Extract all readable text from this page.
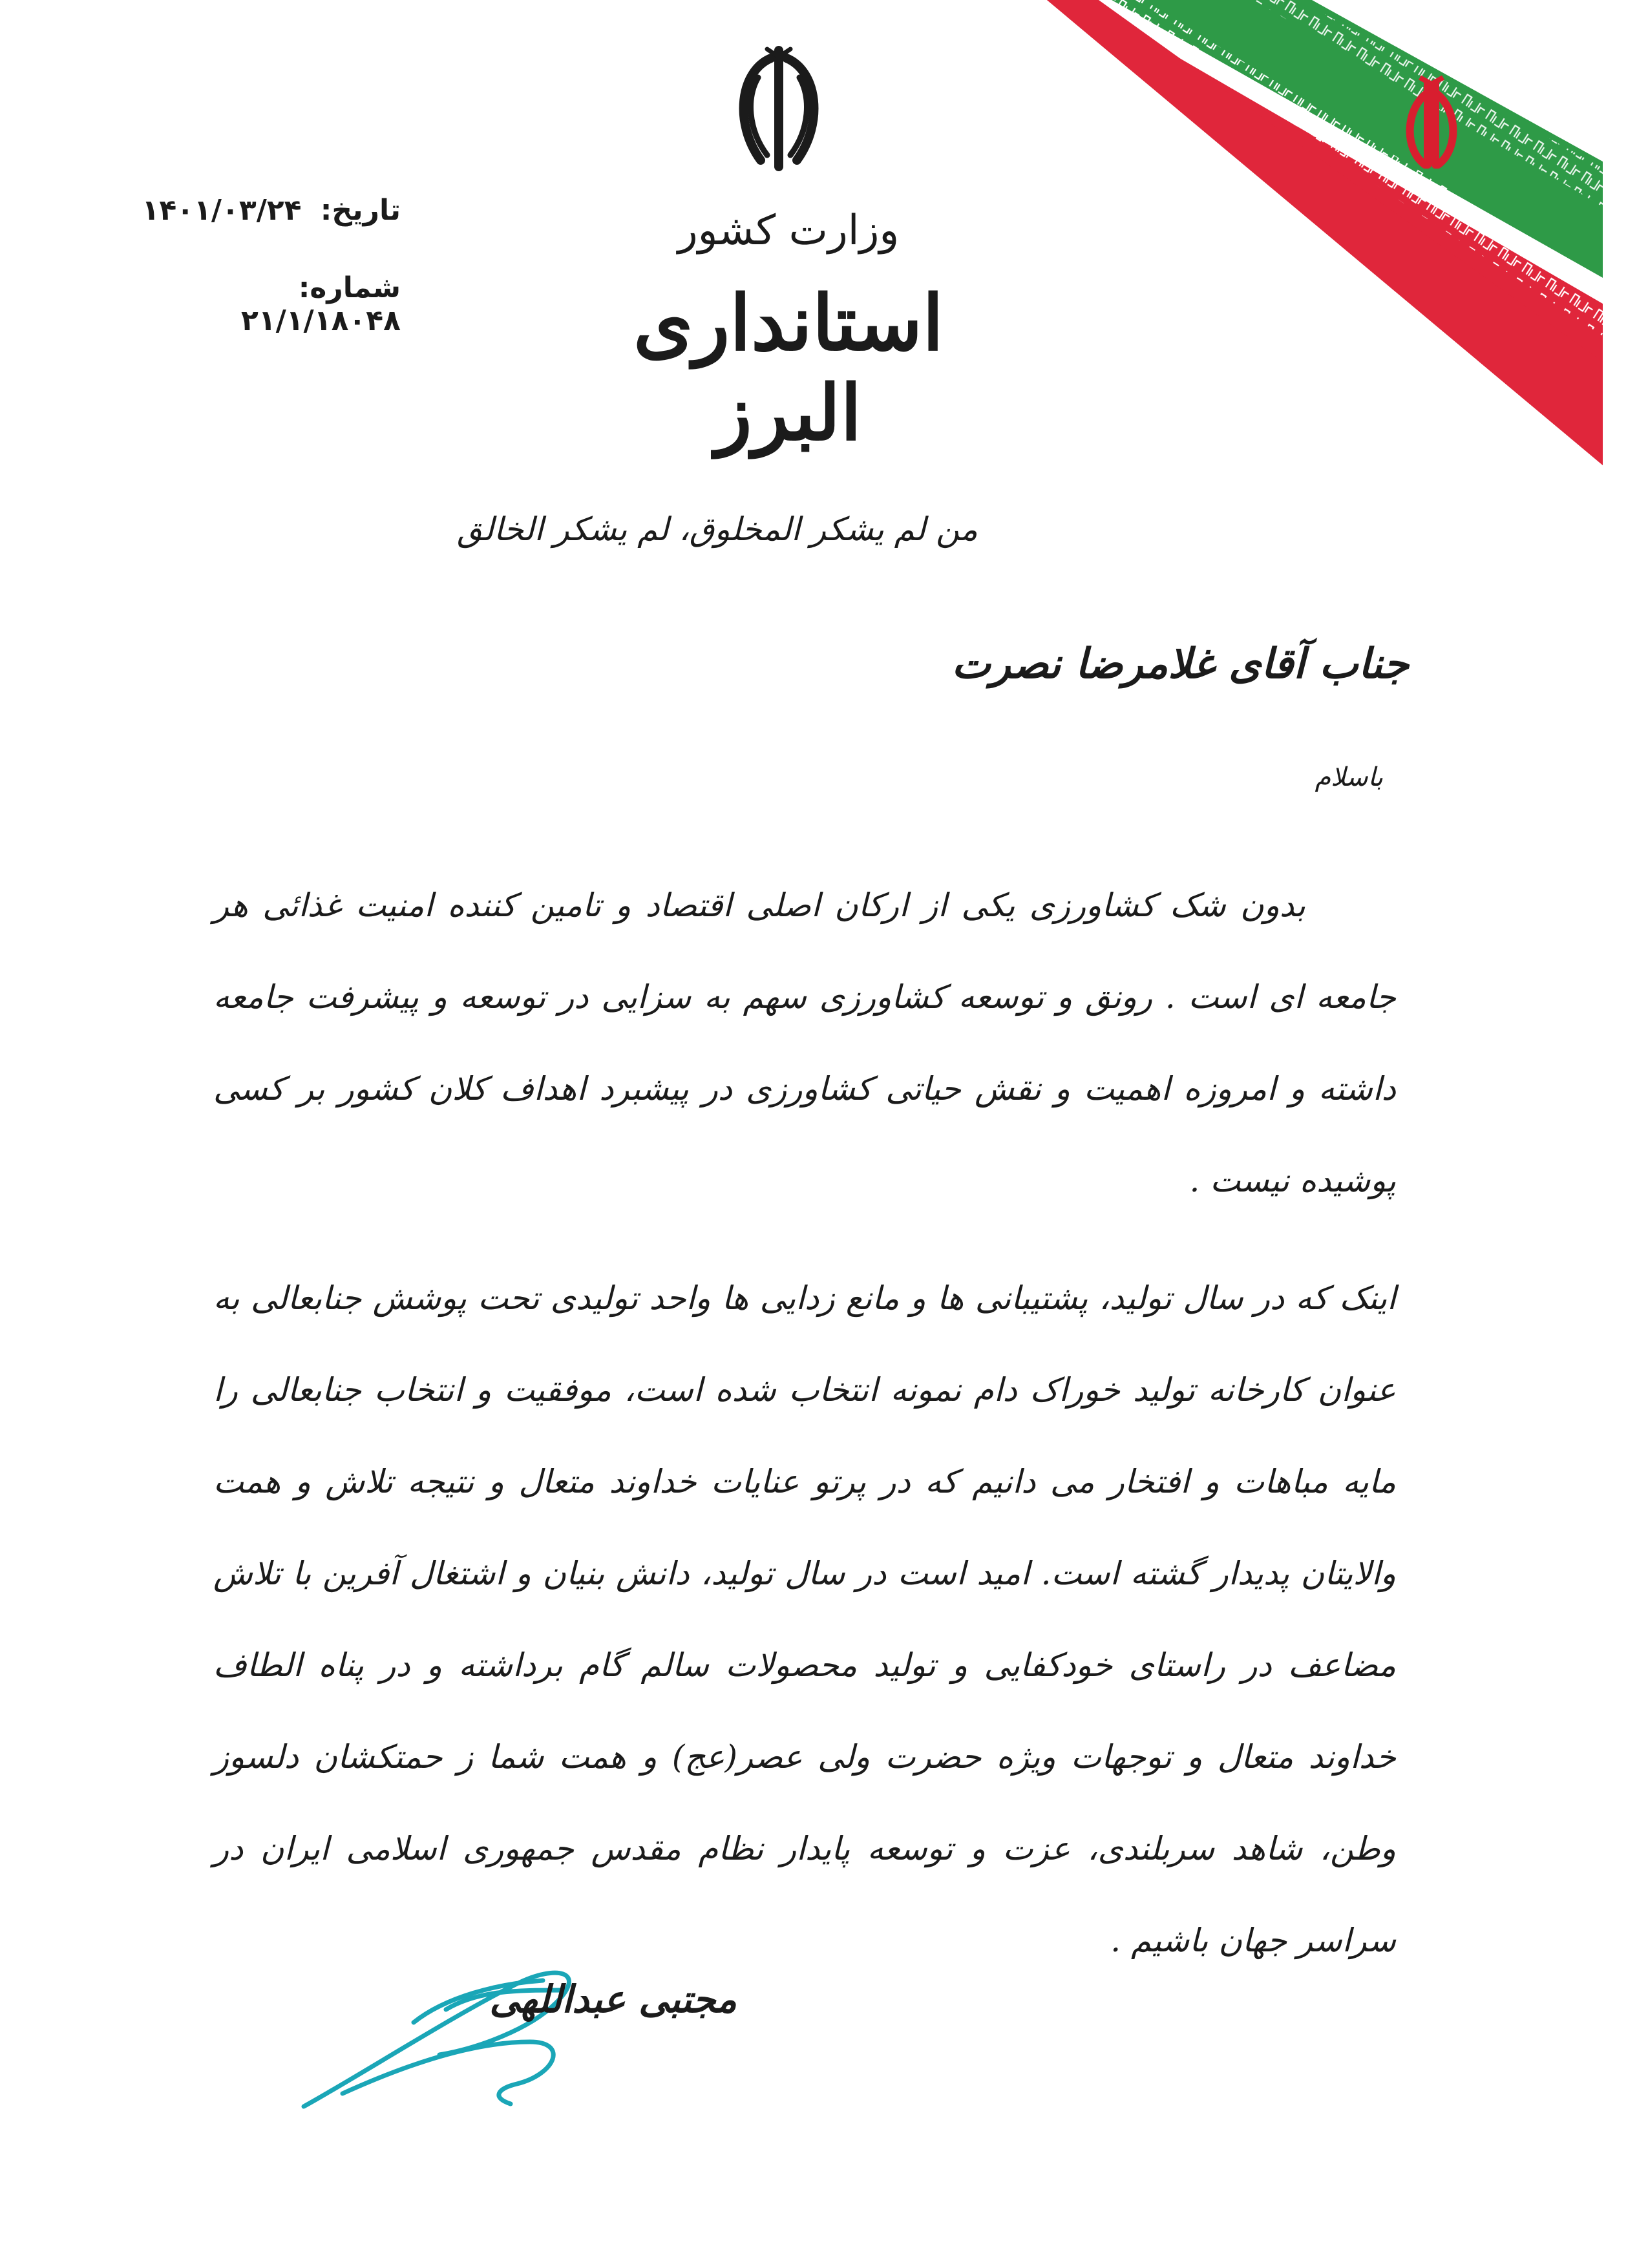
وزارت کشور
استانداری البرز
تاریخ: ۱۴۰۱/۰۳/۲۴
شماره: ۲۱/۱/۱۸۰۴۸
من لم یشکر المخلوق، لم یشکر الخالق
جناب آقای غلامرضا نصرت
باسلام

بدون شک کشاورزی یکی از ارکان اصلی اقتصاد و تامین کننده امنیت غذائی هر جامعه ای است . رونق و توسعه کشاورزی سهم به سزایی در توسعه و پیشرفت جامعه داشته و امروزه اهمیت و نقش حیاتی کشاورزی در پیشبرد اهداف کلان کشور بر کسی پوشیده نیست .

اینک که در سال تولید، پشتیبانی ها و مانع زدایی ها واحد تولیدی تحت پوشش جنابعالی به عنوان کارخانه تولید خوراک دام نمونه انتخاب شده است، موفقیت و انتخاب جنابعالی را مایه مباهات و افتخار می دانیم که در پرتو عنایات خداوند متعال و نتیجه تلاش و همت والایتان پدیدار گشته است. امید است در سال تولید، دانش بنیان و اشتغال آفرین با تلاش مضاعف در راستای خودکفایی و تولید محصولات سالم گام برداشته و در پناه الطاف خداوند متعال و توجهات ویژه حضرت ولی عصر(عج) و همت شما ز حمتکشان دلسوز وطن، شاهد سربلندی، عزت و توسعه پایدار نظام مقدس جمهوری اسلامی ایران در سراسر جهان باشیم .

مجتبی عبداللهی
